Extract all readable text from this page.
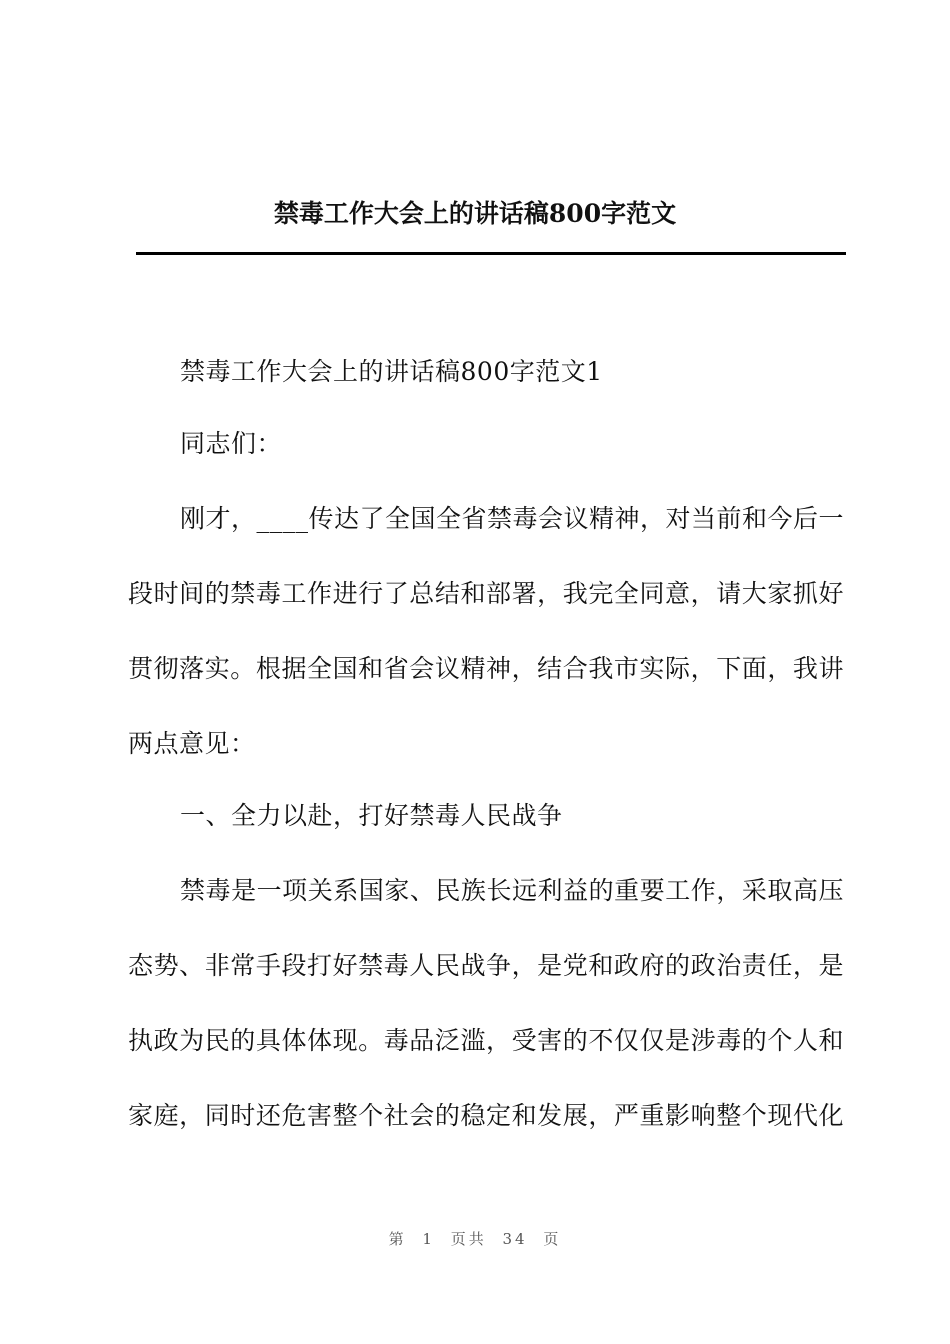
禁毒工作大会上的讲话稿800字范文
禁毒工作大会上的讲话稿800字范文1
同志们：
刚才，____传达了全国全省禁毒会议精神，对当前和今后一
段时间的禁毒工作进行了总结和部署，我完全同意，请大家抓好
贯彻落实。根据全国和省会议精神，结合我市实际，下面，我讲
两点意见：
一、全力以赴，打好禁毒人民战争
禁毒是一项关系国家、民族长远利益的重要工作，采取高压
态势、非常手段打好禁毒人民战争，是党和政府的政治责任，是
执政为民的具体体现。毒品泛滥，受害的不仅仅是涉毒的个人和
家庭，同时还危害整个社会的稳定和发展，严重影响整个现代化
第 1 页共 34 页
